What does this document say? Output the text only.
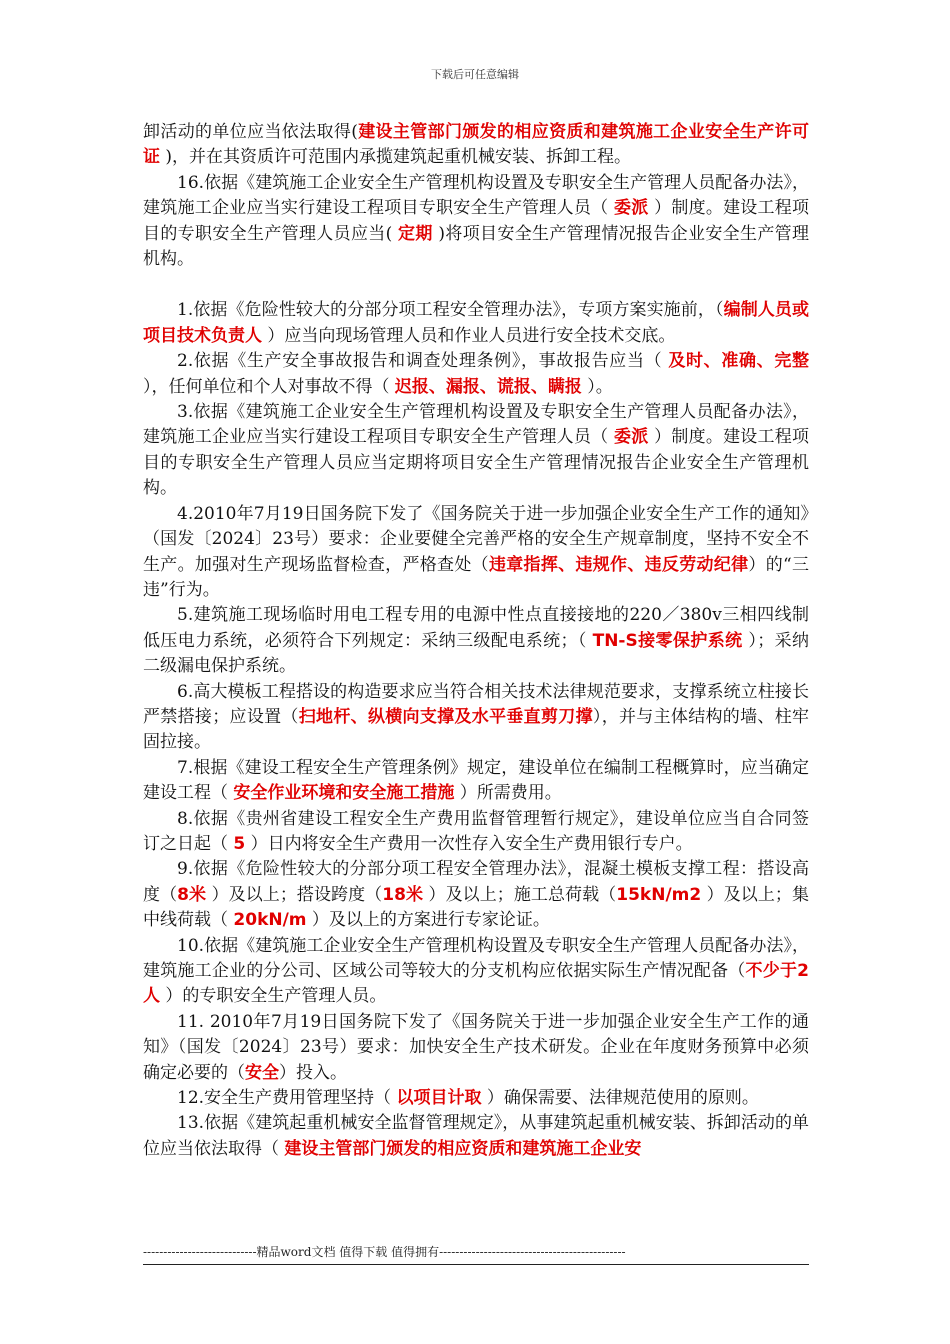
下载后可任意编辑

卸活动的单位应当依法取得(建设主管部门颁发的相应资质和建筑施工企业安全生产许可证 )，并在其资质许可范围内承揽建筑起重机械安装、拆卸工程。

16.依据《建筑施工企业安全生产管理机构设置及专职安全生产管理人员配备办法》，建筑施工企业应当实行建设工程项目专职安全生产管理人员（ 委派 ）制度。建设工程项目的专职安全生产管理人员应当( 定期 )将项目安全生产管理情况报告企业安全生产管理机构。

1.依据《危险性较大的分部分项工程安全管理办法》，专项方案实施前，（编制人员或项目技术负责人 ）应当向现场管理人员和作业人员进行安全技术交底。

2.依据《生产安全事故报告和调查处理条例》，事故报告应当（ 及时、准确、完整 ），任何单位和个人对事故不得（ 迟报、漏报、谎报、瞒报 ）。

3.依据《建筑施工企业安全生产管理机构设置及专职安全生产管理人员配备办法》，建筑施工企业应当实行建设工程项目专职安全生产管理人员（ 委派 ）制度。建设工程项目的专职安全生产管理人员应当定期将项目安全生产管理情况报告企业安全生产管理机构。

4.2010年7月19日国务院下发了《国务院关于进一步加强企业安全生产工作的通知》（国发〔2024〕23号）要求：企业要健全完善严格的安全生产规章制度，坚持不安全不生产。加强对生产现场监督检查，严格查处（违章指挥、违规作、违反劳动纪律）的“三违”行为。

5.建筑施工现场临时用电工程专用的电源中性点直接接地的220／380v三相四线制低压电力系统，必须符合下列规定：采纳三级配电系统；（ TN-S接零保护系统 ）；采纳二级漏电保护系统。

6.高大模板工程搭设的构造要求应当符合相关技术法律规范要求，支撑系统立柱接长严禁搭接；应设置（扫地杆、纵横向支撑及水平垂直剪刀撑），并与主体结构的墙、柱牢固拉接。

7.根据《建设工程安全生产管理条例》规定，建设单位在编制工程概算时，应当确定建设工程（ 安全作业环境和安全施工措施 ）所需费用。

8.依据《贵州省建设工程安全生产费用监督管理暂行规定》，建设单位应当自合同签订之日起（ 5 ）日内将安全生产费用一次性存入安全生产费用银行专户。

9.依据《危险性较大的分部分项工程安全管理办法》，混凝土模板支撑工程：搭设高度（8米 ）及以上；搭设跨度（18米 ）及以上；施工总荷载（15kN/m2 ）及以上；集中线荷载（ 20kN/m ）及以上的方案进行专家论证。

10.依据《建筑施工企业安全生产管理机构设置及专职安全生产管理人员配备办法》，建筑施工企业的分公司、区域公司等较大的分支机构应依据实际生产情况配备（不少于2人 ）的专职安全生产管理人员。

11. 2010年7月19日国务院下发了《国务院关于进一步加强企业安全生产工作的通知》（国发〔2024〕23号）要求：加快安全生产技术研发。企业在年度财务预算中必须确定必要的（安全）投入。

12.安全生产费用管理坚持（ 以项目计取 ）确保需要、法律规范使用的原则。

13.依据《建筑起重机械安全监督管理规定》，从事建筑起重机械安装、拆卸活动的单位应当依法取得（ 建设主管部门颁发的相应资质和建筑施工企业安

----------------------------精品word文档 值得下载 值得拥有----------------------------------------------
